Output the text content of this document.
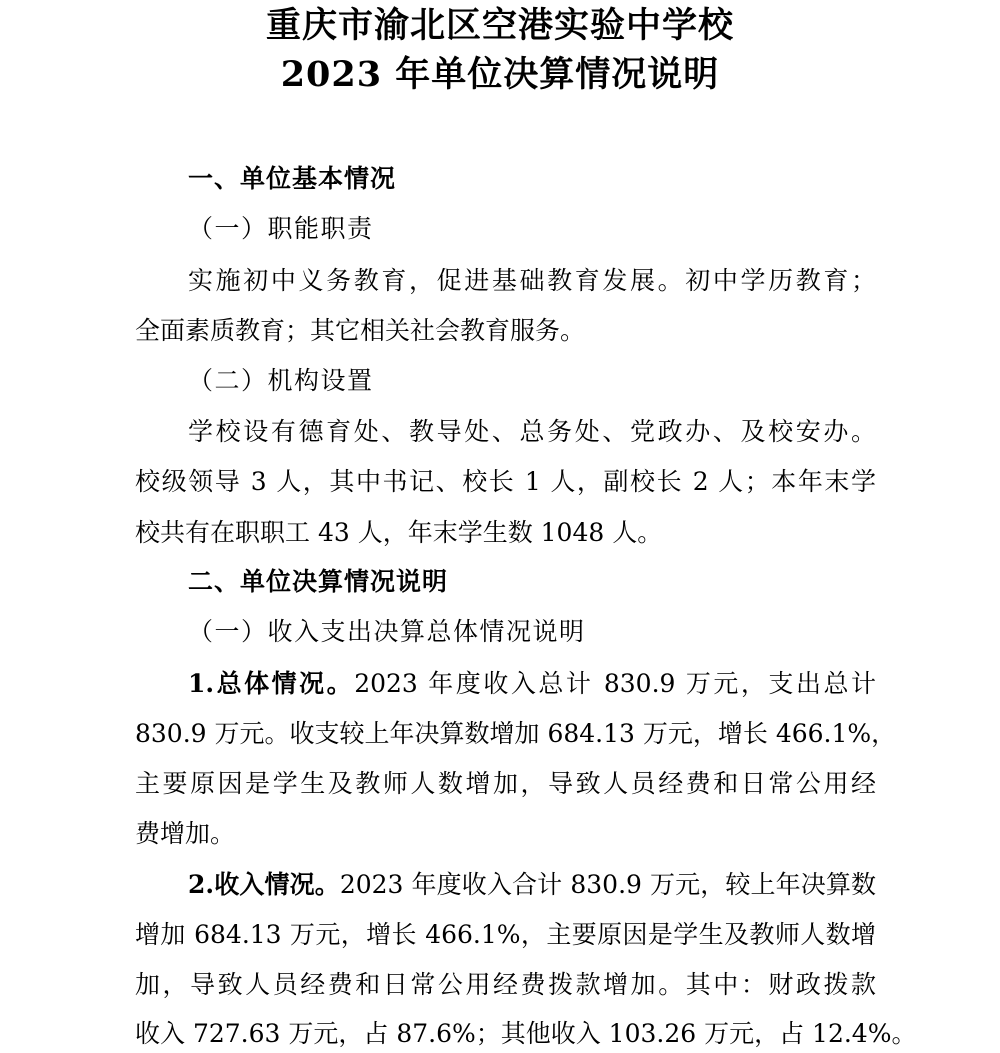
重庆市渝北区空港实验中学校
2023 年单位决算情况说明
一、单位基本情况
（一）职能职责
实施初中义务教育，促进基础教育发展。初中学历教育；
全面素质教育；其它相关社会教育服务。
（二）机构设置
学校设有德育处、教导处、总务处、党政办、及校安办。
校级领导 3 人，其中书记、校长 1 人，副校长 2 人；本年末学
校共有在职职工 43 人，年末学生数 1048 人。
二、单位决算情况说明
（一）收入支出决算总体情况说明
1.总体情况。2023 年度收入总计 830.9 万元，支出总计
830.9 万元。收支较上年决算数增加 684.13 万元，增长 466.1%，
主要原因是学生及教师人数增加，导致人员经费和日常公用经
费增加。
2.收入情况。2023 年度收入合计 830.9 万元，较上年决算数
增加 684.13 万元，增长 466.1%，主要原因是学生及教师人数增
加，导致人员经费和日常公用经费拨款增加。其中：财政拨款
收入 727.63 万元，占 87.6%；其他收入 103.26 万元，占 12.4%。
